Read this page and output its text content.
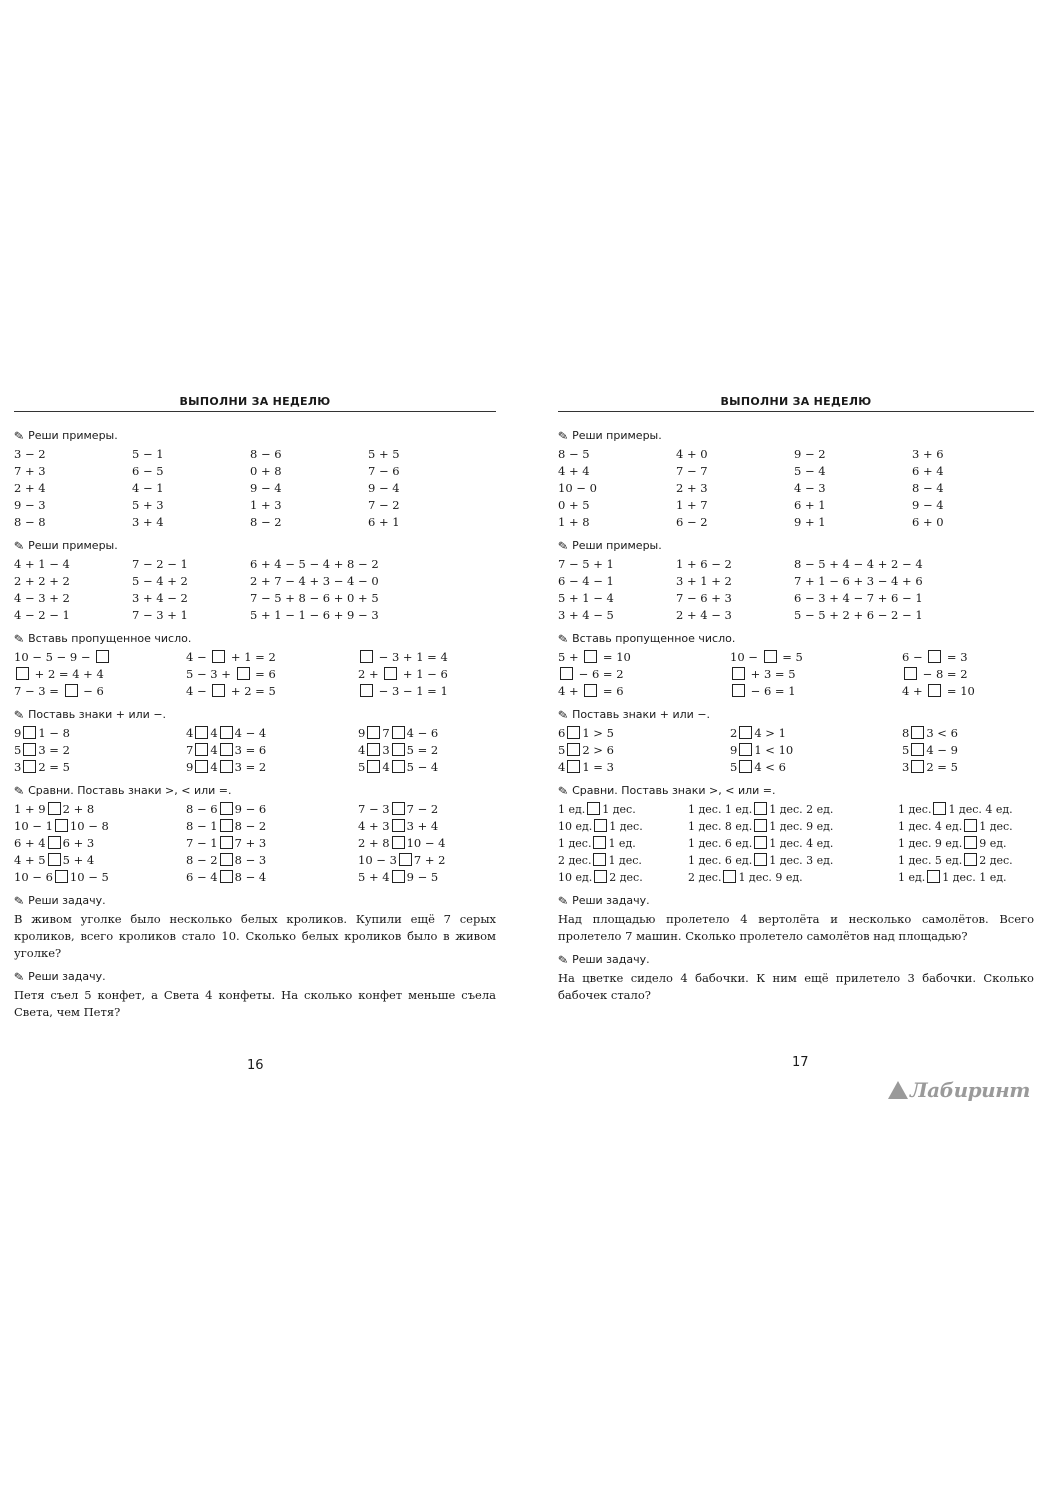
ВЫПОЛНИ ЗА НЕДЕЛЮ
✎ Реши примеры.
3 − 2	5 − 1	8 − 6	5 + 5
7 + 3	6 − 5	0 + 8	7 − 6
2 + 4	4 − 1	9 − 4	9 − 4
9 − 3	5 + 3	1 + 3	7 − 2
8 − 8	3 + 4	8 − 2	6 + 1
✎ Реши примеры.
4 + 1 − 4	7 − 2 − 1	6 + 4 − 5 − 4 + 8 − 2
2 + 2 + 2	5 − 4 + 2	2 + 7 − 4 + 3 − 4 − 0
4 − 3 + 2	3 + 4 − 2	7 − 5 + 8 − 6 + 0 + 5
4 − 2 − 1	7 − 3 + 1	5 + 1 − 1 − 6 + 9 − 3
✎ Вставь пропущенное число.
10 − 5 − 9 −	4 −  + 1 = 2	− 3 + 1 = 4
+ 2 = 4 + 4	5 − 3 +  = 6	2 +  + 1 − 6
7 − 3 =  − 6	4 −  + 2 = 5	− 3 − 1 = 1
✎ Поставь знаки + или −.
9 1 − 8	4 4 4 − 4	9 7 4 − 6
5 3 = 2	7 4 3 = 6	4 3 5 = 2
3 2 = 5	9 4 3 = 2	5 4 5 − 4
✎ Сравни. Поставь знаки >, < или =.
1 + 9 2 + 8	8 − 6 9 − 6	7 − 3 7 − 2
10 − 1 10 − 8	8 − 1 8 − 2	4 + 3 3 + 4
6 + 4 6 + 3	7 − 1 7 + 3	2 + 8 10 − 4
4 + 5 5 + 4	8 − 2 8 − 3	10 − 3 7 + 2
10 − 6 10 − 5	6 − 4 8 − 4	5 + 4 9 − 5
✎ Реши задачу.
В живом уголке было несколько белых кроликов. Купили ещё 7 серых кроликов, всего кроликов стало 10. Сколько белых кроликов было в живом уголке?
✎ Реши задачу.
Петя съел 5 конфет, а Света 4 конфеты. На сколько конфет меньше съела Света, чем Петя?
16
ВЫПОЛНИ ЗА НЕДЕЛЮ
✎ Реши примеры.
8 − 5	4 + 0	9 − 2	3 + 6
4 + 4	7 − 7	5 − 4	6 + 4
10 − 0	2 + 3	4 − 3	8 − 4
0 + 5	1 + 7	6 + 1	9 − 4
1 + 8	6 − 2	9 + 1	6 + 0
✎ Реши примеры.
7 − 5 + 1	1 + 6 − 2	8 − 5 + 4 − 4 + 2 − 4
6 − 4 − 1	3 + 1 + 2	7 + 1 − 6 + 3 − 4 + 6
5 + 1 − 4	7 − 6 + 3	6 − 3 + 4 − 7 + 6 − 1
3 + 4 − 5	2 + 4 − 3	5 − 5 + 2 + 6 − 2 − 1
✎ Вставь пропущенное число.
5 +  = 10	10 −  = 5	6 −  = 3
− 6 = 2	+ 3 = 5	− 8 = 2
4 +  = 6	− 6 = 1	4 +  = 10
✎ Поставь знаки + или −.
6 1 > 5	2 4 > 1	8 3 < 6
5 2 > 6	9 1 < 10	5 4 − 9
4 1 = 3	5 4 < 6	3 2 = 5
✎ Сравни. Поставь знаки >, < или =.
1 ед. 1 дес.	1 дес. 1 ед. 1 дес. 2 ед.	1 дес. 1 дес. 4 ед.
10 ед. 1 дес.	1 дес. 8 ед. 1 дес. 9 ед.	1 дес. 4 ед. 1 дес.
1 дес. 1 ед.	1 дес. 6 ед. 1 дес. 4 ед.	1 дес. 9 ед. 9 ед.
2 дес. 1 дес.	1 дес. 6 ед. 1 дес. 3 ед.	1 дес. 5 ед. 2 дес.
10 ед. 2 дес.	2 дес. 1 дес. 9 ед.	1 ед. 1 дес. 1 ед.
✎ Реши задачу.
Над площадью пролетело 4 вертолёта и несколько самолётов. Всего пролетело 7 машин. Сколько пролетело самолётов над площадью?
✎ Реши задачу.
На цветке сидело 4 бабочки. К ним ещё прилетело 3 бабочки. Сколько бабочек стало?
17
Лабиринт
